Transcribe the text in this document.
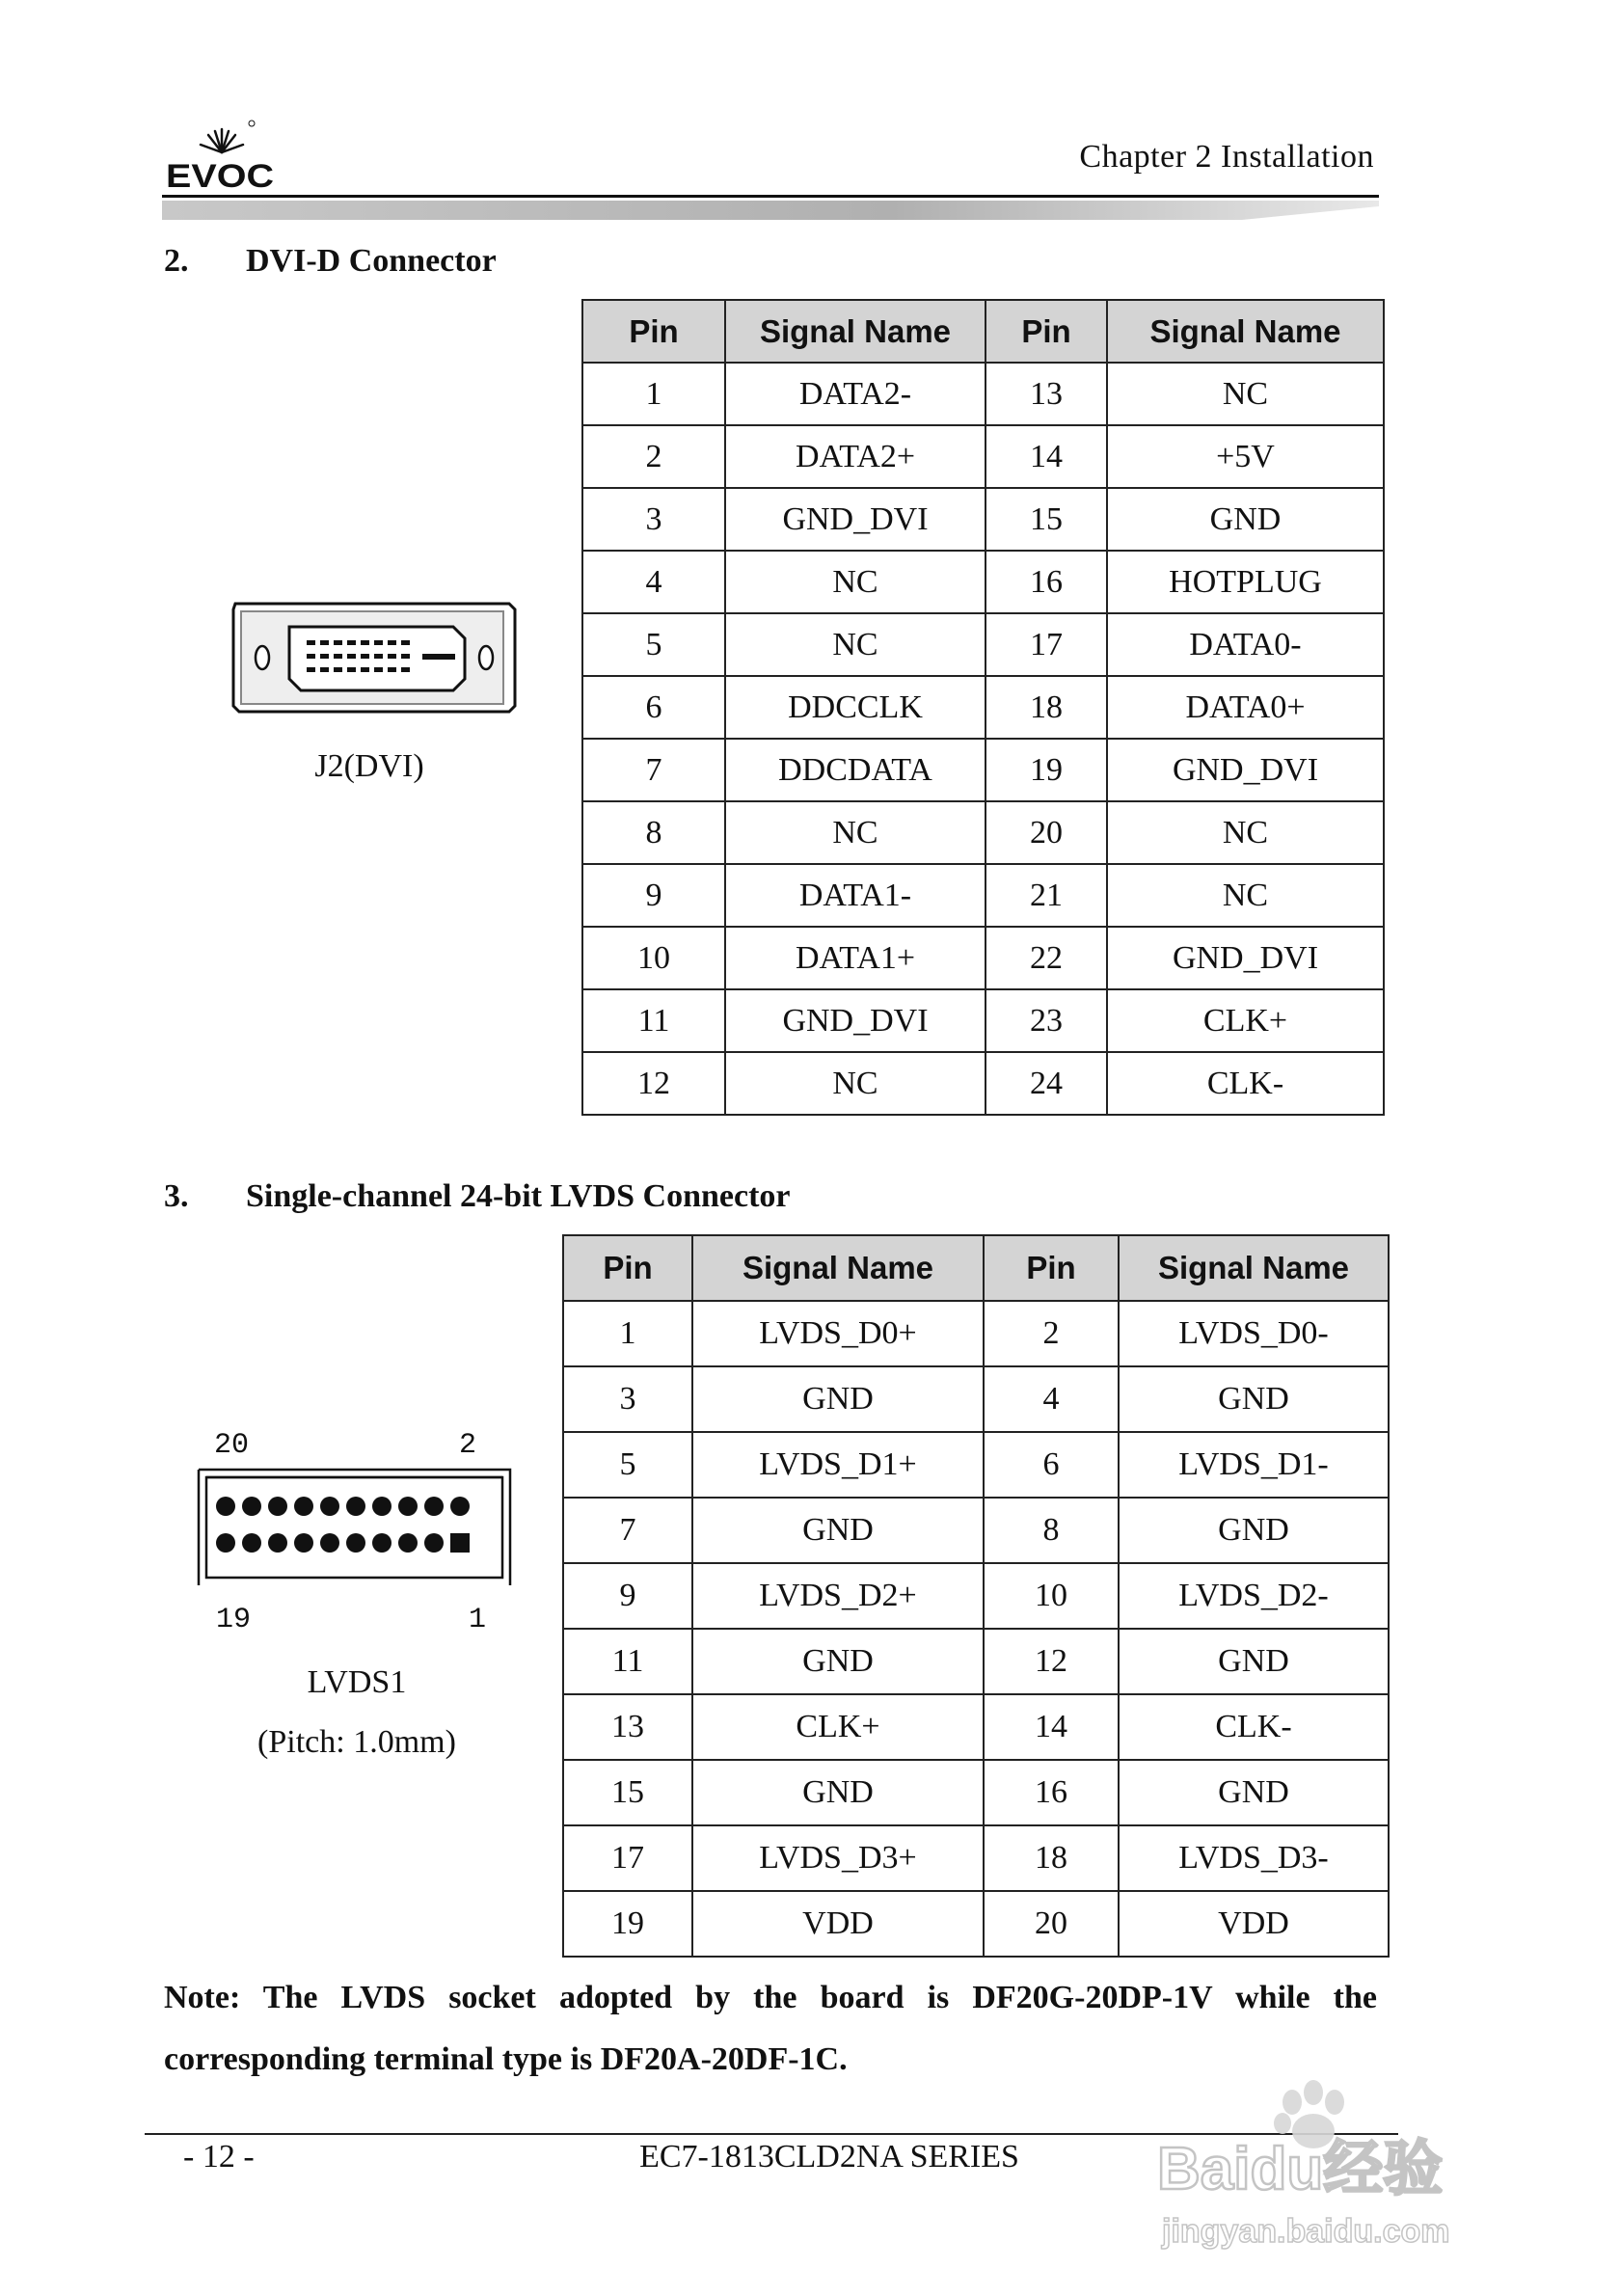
EVOC
Chapter 2 Installation
2. DVI-D Connector
J2(DVI)
Pin	Signal Name	Pin	Signal Name
1	DATA2-	13	NC
2	DATA2+	14	+5V
3	GND_DVI	15	GND
4	NC	16	HOTPLUG
5	NC	17	DATA0-
6	DDCCLK	18	DATA0+
7	DDCDATA	19	GND_DVI
8	NC	20	NC
9	DATA1-	21	NC
10	DATA1+	22	GND_DVI
11	GND_DVI	23	CLK+
12	NC	24	CLK-
3. Single-channel 24-bit LVDS Connector
20	2
19	1
LVDS1
(Pitch: 1.0mm)
Pin	Signal Name	Pin	Signal Name
1	LVDS_D0+	2	LVDS_D0-
3	GND	4	GND
5	LVDS_D1+	6	LVDS_D1-
7	GND	8	GND
9	LVDS_D2+	10	LVDS_D2-
11	GND	12	GND
13	CLK+	14	CLK-
15	GND	16	GND
17	LVDS_D3+	18	LVDS_D3-
19	VDD	20	VDD
Note: The LVDS socket adopted by the board is DF20G-20DP-1V while the corresponding terminal type is DF20A-20DF-1C.
- 12 -	EC7-1813CLD2NA SERIES	Baidu经验
jingyan.baidu.com
